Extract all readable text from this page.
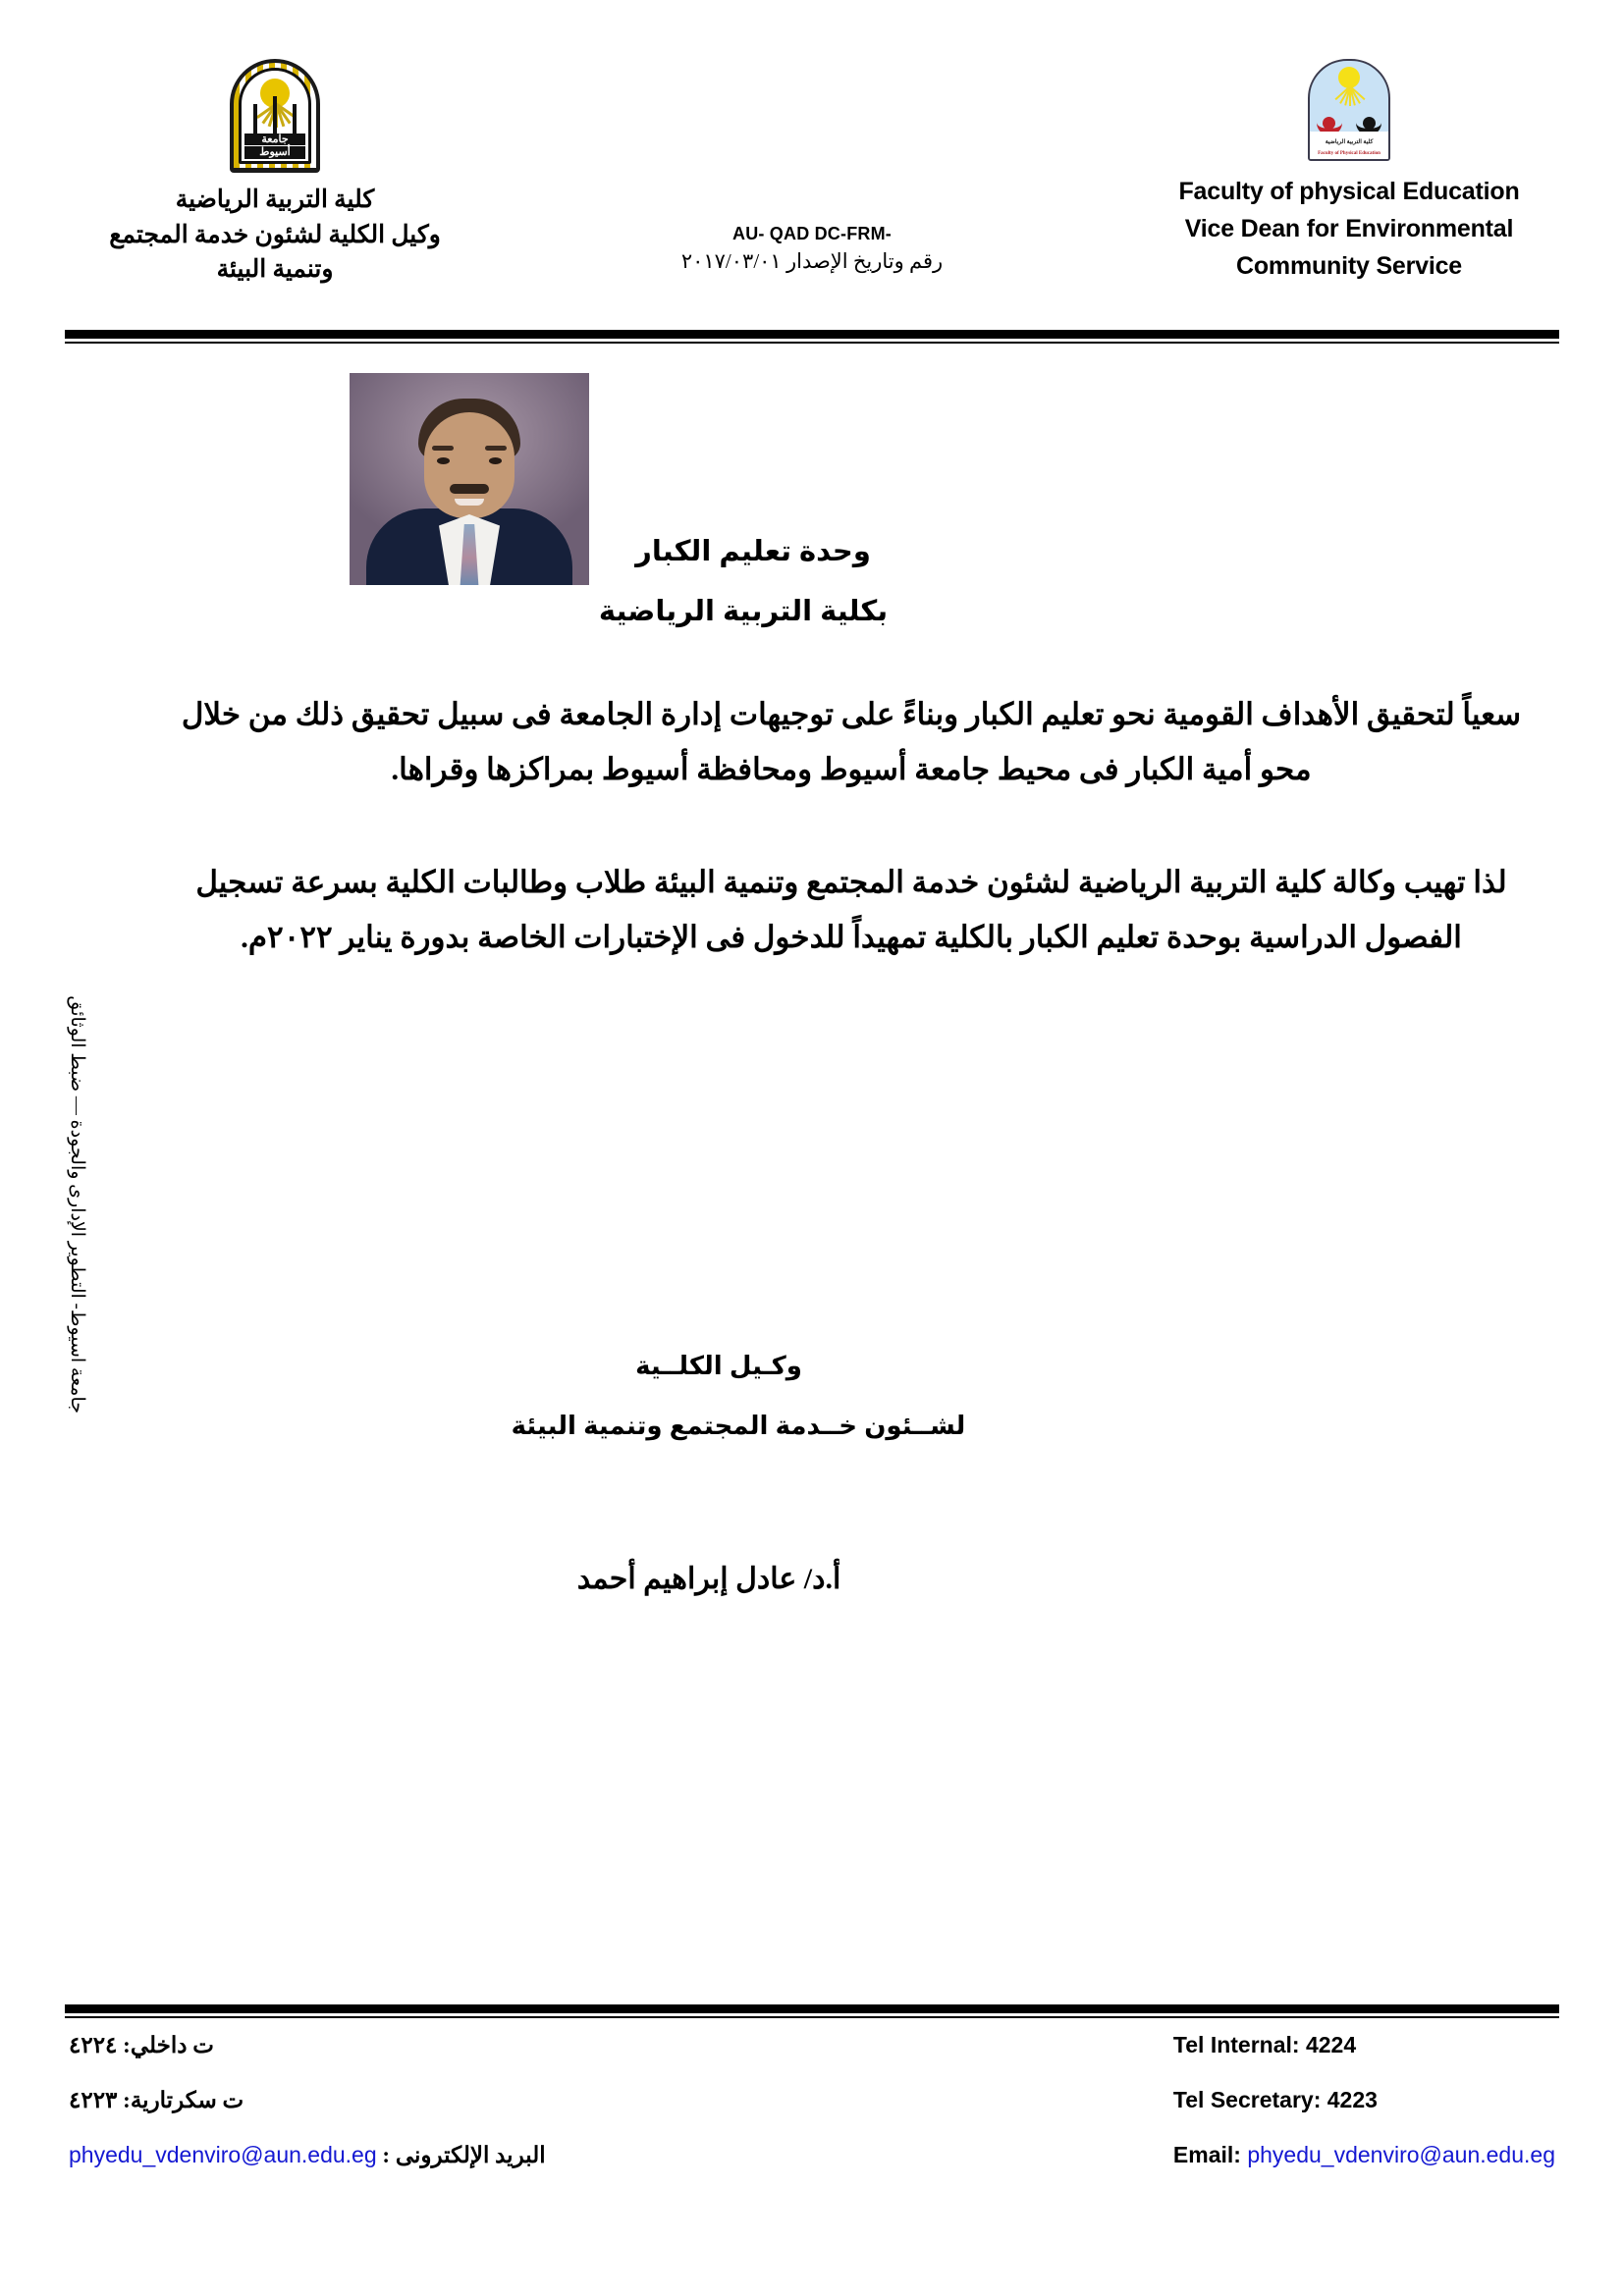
جامعة
أسيوط
كلية التربية الرياضية
وكيل الكلية لشئون خدمة المجتمع
وتنمية البيئة
AU- QAD DC-FRM-
رقم وتاريخ الإصدار ٢٠١٧/٠٣/٠١
كلية التربية الرياضية
Faculty of Physical Education
Faculty of physical Education
Vice Dean for Environmental
Community Service
جامعة اسيوط- التطوير الإدارى والجودة — ضبط الوثائق
وحدة تعليم الكبار
بكلية التربية الرياضية
سعياً لتحقيق الأهداف القومية نحو تعليم الكبار وبناءً على توجيهات إدارة الجامعة فى سبيل تحقيق ذلك من خلال محو أمية الكبار فى محيط جامعة أسيوط ومحافظة أسيوط بمراكزها وقراها.
لذا تهيب وكالة كلية التربية الرياضية لشئون خدمة المجتمع وتنمية البيئة طلاب وطالبات الكلية بسرعة تسجيل الفصول الدراسية بوحدة تعليم الكبار بالكلية تمهيداً للدخول فى الإختبارات الخاصة بدورة يناير ٢٠٢٢م.
وكـيل الكلــية
لشــئون خــدمة المجتمع وتنمية البيئة
أ.د/ عادل إبراهيم أحمد
ت داخلي: ٤٢٢٤
ت سكرتارية: ٤٢٢٣
البريد الإلكترونى : phyedu_vdenviro@aun.edu.eg
Tel Internal: 4224
Tel Secretary: 4223
Email: phyedu_vdenviro@aun.edu.eg
